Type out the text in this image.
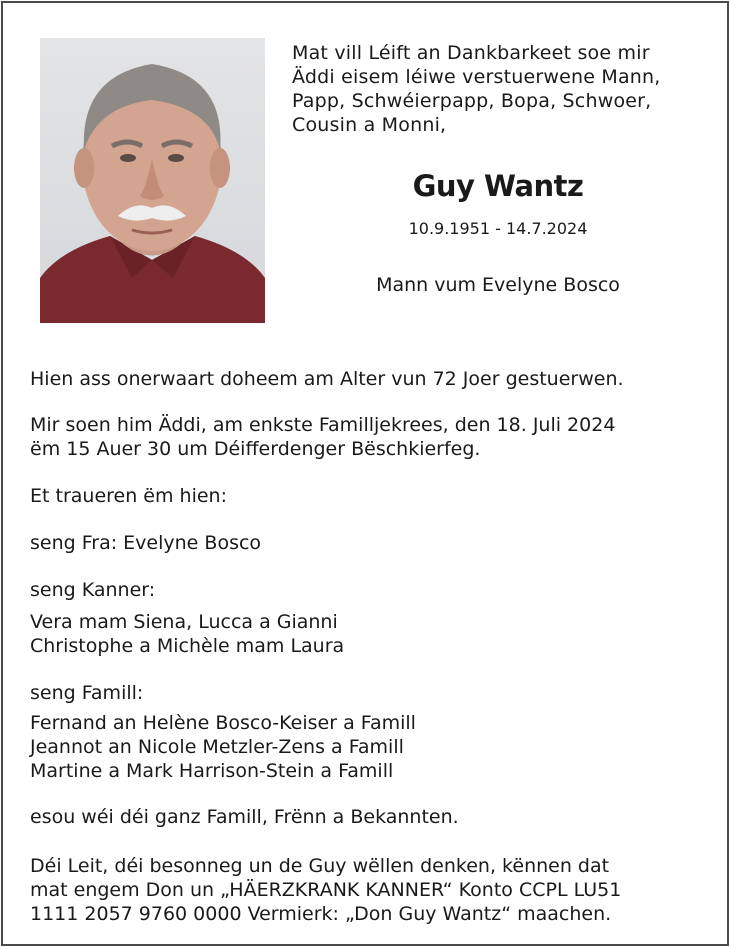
Mat vill Léift an Dankbarkeet soe mir
Äddi eisem léiwe verstuerwene Mann,
Papp, Schwéierpapp, Bopa, Schwoer,
Cousin a Monni,
Guy Wantz
10.9.1951 - 14.7.2024
Mann vum Evelyne Bosco
Hien ass onerwaart doheem am Alter vun 72 Joer gestuerwen.
Mir soen him Äddi, am enkste Familljekrees, den 18. Juli 2024
ëm 15 Auer 30 um Déifferdenger Bëschkierfeg.
Et traueren ëm hien:
seng Fra: Evelyne Bosco
seng Kanner:
Vera mam Siena, Lucca a Gianni
Christophe a Michèle mam Laura
seng Famill:
Fernand an Helène Bosco-Keiser a Famill
Jeannot an Nicole Metzler-Zens a Famill
Martine a Mark Harrison-Stein a Famill
esou wéi déi ganz Famill, Frënn a Bekannten.
Déi Leit, déi besonneg un de Guy wëllen denken, kënnen dat
mat engem Don un „HÄERZKRANK KANNER“ Konto CCPL LU51
1111 2057 9760 0000 Vermierk: „Don Guy Wantz“ maachen.
